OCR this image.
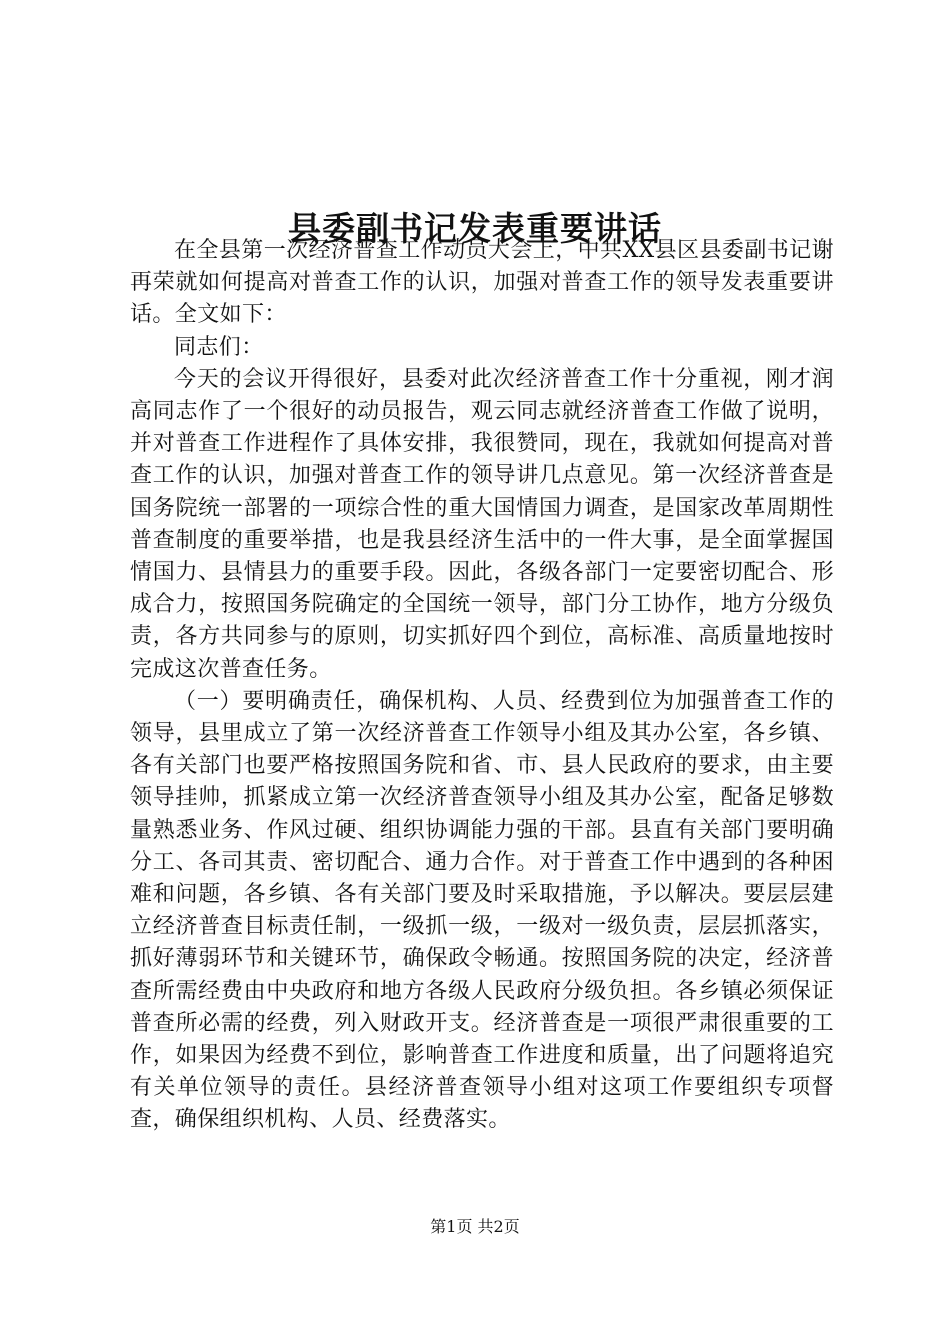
县委副书记发表重要讲话

在全县第一次经济普查工作动员大会上，中共XX县区县委副书记谢再荣就如何提高对普查工作的认识，加强对普查工作的领导发表重要讲话。全文如下：

同志们：

今天的会议开得很好，县委对此次经济普查工作十分重视，刚才润高同志作了一个很好的动员报告，观云同志就经济普查工作做了说明，并对普查工作进程作了具体安排，我很赞同，现在，我就如何提高对普查工作的认识，加强对普查工作的领导讲几点意见。第一次经济普查是国务院统一部署的一项综合性的重大国情国力调查，是国家改革周期性普查制度的重要举措，也是我县经济生活中的一件大事，是全面掌握国情国力、县情县力的重要手段。因此，各级各部门一定要密切配合、形成合力，按照国务院确定的全国统一领导，部门分工协作，地方分级负责，各方共同参与的原则，切实抓好四个到位，高标准、高质量地按时完成这次普查任务。

（一）要明确责任，确保机构、人员、经费到位为加强普查工作的领导，县里成立了第一次经济普查工作领导小组及其办公室，各乡镇、各有关部门也要严格按照国务院和省、市、县人民政府的要求，由主要领导挂帅，抓紧成立第一次经济普查领导小组及其办公室，配备足够数量熟悉业务、作风过硬、组织协调能力强的干部。县直有关部门要明确分工、各司其责、密切配合、通力合作。对于普查工作中遇到的各种困难和问题，各乡镇、各有关部门要及时采取措施，予以解决。要层层建立经济普查目标责任制，一级抓一级，一级对一级负责，层层抓落实，抓好薄弱环节和关键环节，确保政令畅通。按照国务院的决定，经济普查所需经费由中央政府和地方各级人民政府分级负担。各乡镇必须保证普查所必需的经费，列入财政开支。经济普查是一项很严肃很重要的工作，如果因为经费不到位，影响普查工作进度和质量，出了问题将追究有关单位领导的责任。县经济普查领导小组对这项工作要组织专项督查，确保组织机构、人员、经费落实。

第1页 共2页
